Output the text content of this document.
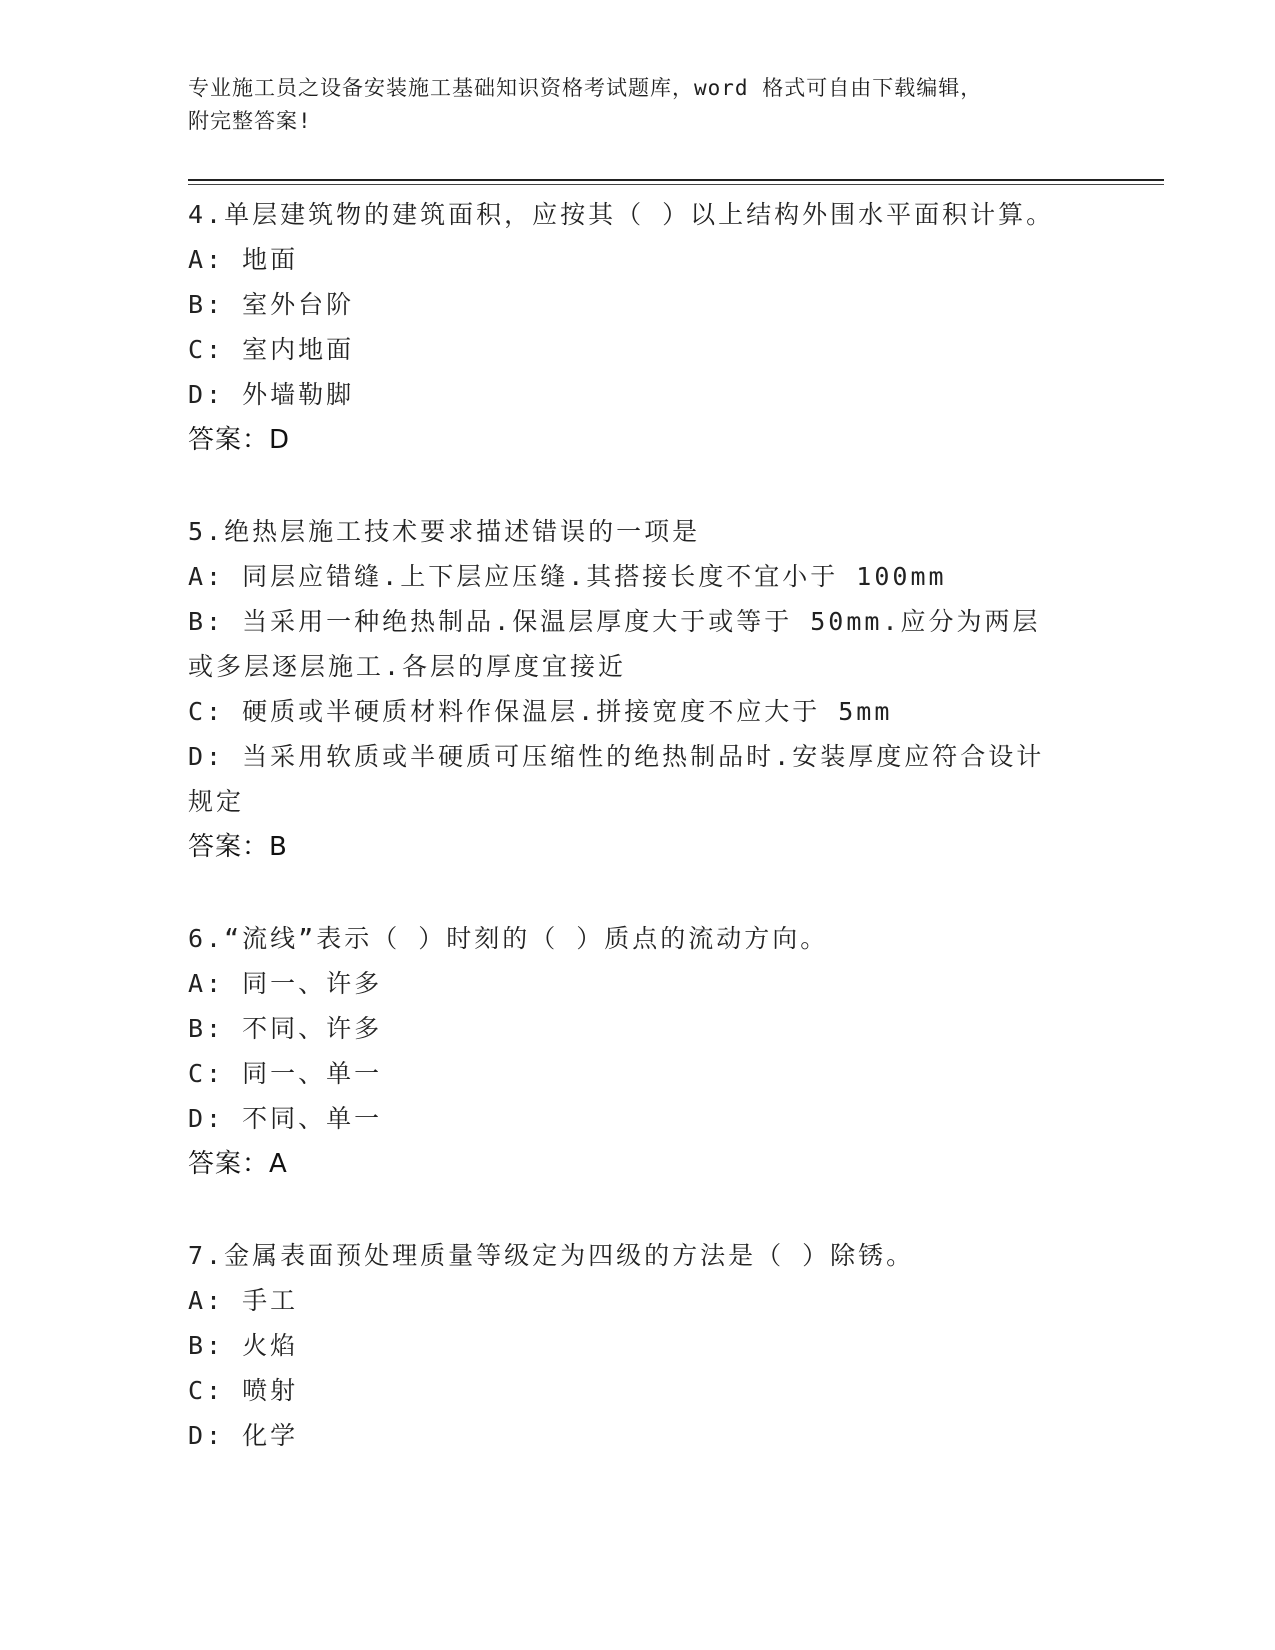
专业施工员之设备安装施工基础知识资格考试题库，word 格式可自由下载编辑，
附完整答案!
4.单层建筑物的建筑面积，应按其（ ）以上结构外围水平面积计算。
A: 地面
B: 室外台阶
C: 室内地面
D: 外墙勒脚
答案：D
5.绝热层施工技术要求描述错误的一项是
A: 同层应错缝.上下层应压缝.其搭接长度不宜小于 100mm
B: 当采用一种绝热制品.保温层厚度大于或等于 50mm.应分为两层或多层逐层施工.各层的厚度宜接近
C: 硬质或半硬质材料作保温层.拼接宽度不应大于 5mm
D: 当采用软质或半硬质可压缩性的绝热制品时.安装厚度应符合设计规定
答案：B
6.“流线”表示（ ）时刻的（ ）质点的流动方向。
A: 同一、许多
B: 不同、许多
C: 同一、单一
D: 不同、单一
答案：A
7.金属表面预处理质量等级定为四级的方法是（ ）除锈。
A: 手工
B: 火焰
C: 喷射
D: 化学
